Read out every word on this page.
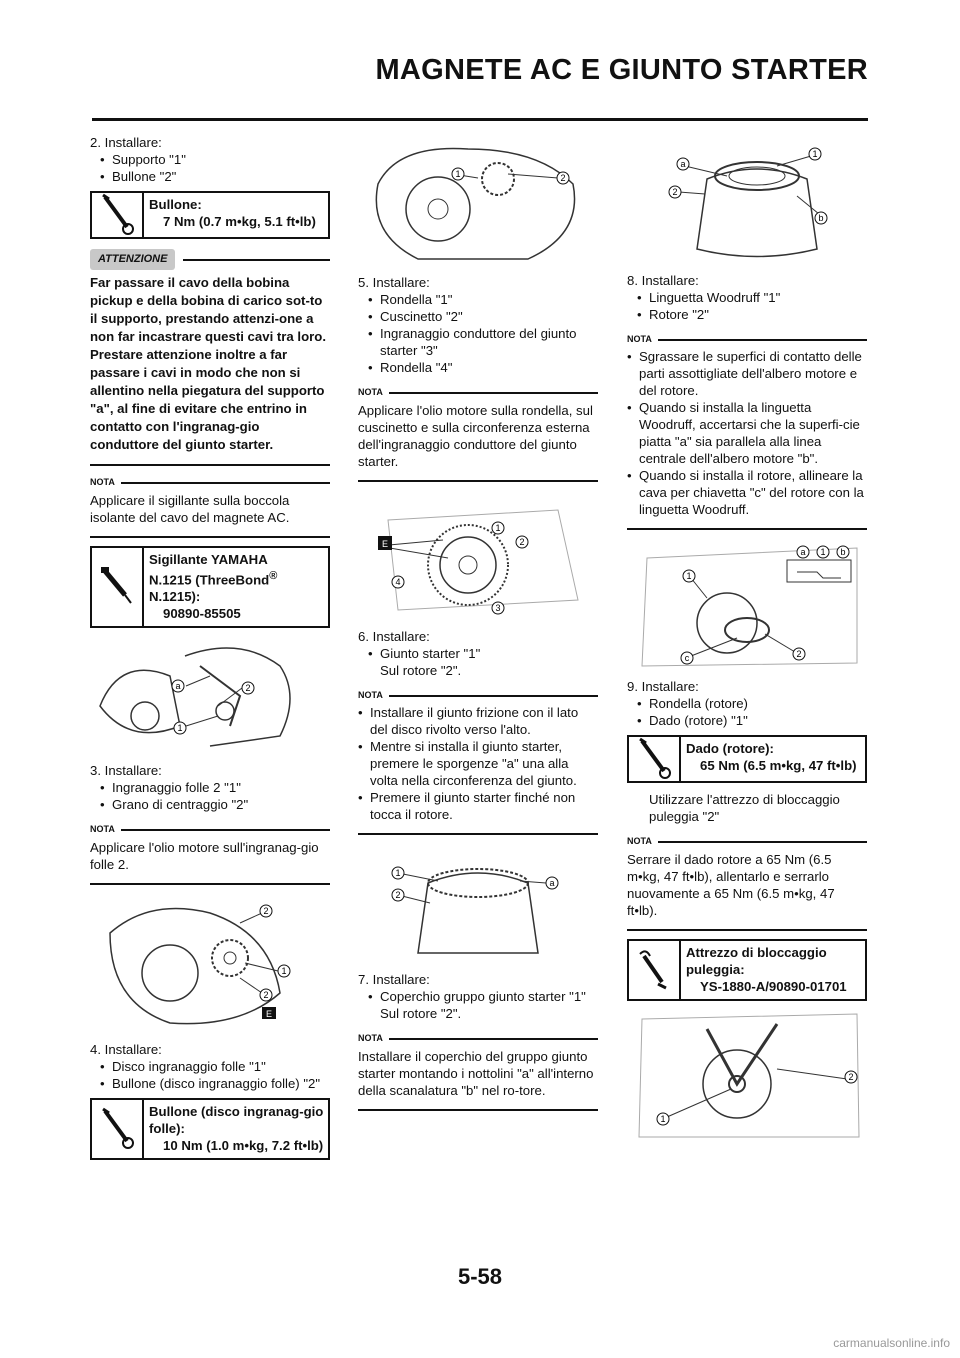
MAGNETE AC E GIUNTO STARTER
2. Installare:
• Supporto "1"
• Bullone "2"
Bullone:
7 Nm (0.7 m•kg, 5.1 ft•lb)
ATTENZIONE
Far passare il cavo della bobina pickup e della bobina di carico sot-to il supporto, prestando attenzi-one a non far incastrare questi cavi tra loro. Prestare attenzione inoltre a far passare i cavi in modo che non si allentino nella piegatura del supporto "a", al fine di evitare che entrino in contatto con l'ingranag-gio conduttore del giunto starter.
NOTA
Applicare il sigillante sulla boccola isolante del cavo del magnete AC.
Sigillante YAMAHA
N.1215 (ThreeBond®
N.1215):
90890-85505
a	2
1
3. Installare:
• Ingranaggio folle 2 "1"
• Grano di centraggio "2"
NOTA
Applicare l'olio motore sull'ingranag-gio folle 2.
2
1
2
E
4. Installare:
• Disco ingranaggio folle "1"
• Bullone (disco ingranaggio folle) "2"
Bullone (disco ingranag-gio folle):
10 Nm (1.0 m•kg, 7.2 ft•lb)
1	2
5. Installare:
• Rondella "1"
• Cuscinetto "2"
• Ingranaggio conduttore del giunto starter "3"
• Rondella "4"
NOTA
Applicare l'olio motore sulla rondella, sul cuscinetto e sulla circonferenza esterna dell'ingranaggio conduttore del giunto starter.
E
1
2
3
4
6. Installare:
• Giunto starter "1"
Sul rotore "2".
NOTA
• Installare il giunto frizione con il lato del disco rivolto verso l'alto.
• Mentre si installa il giunto starter, premere le sporgenze "a" una alla volta nella circonferenza del giunto.
• Premere il giunto starter finché non tocca il rotore.
1
2
a
7. Installare:
• Coperchio gruppo giunto starter "1"
Sul rotore "2".
NOTA
Installare il coperchio del gruppo giunto starter montando i nottolini "a" all'interno della scanalatura "b" nel ro-tore.
a
1
2
b
8. Installare:
• Linguetta Woodruff "1"
• Rotore "2"
NOTA
• Sgrassare le superfici di contatto delle parti assottigliate dell'albero motore e del rotore.
• Quando si installa la linguetta Woodruff, accertarsi che la superfi-cie piatta "a" sia parallela alla linea centrale dell'albero motore "b".
• Quando si installa il rotore, allineare la cava per chiavetta "c" del rotore con la linguetta Woodruff.
a 1 b
1
c	2
9. Installare:
• Rondella (rotore)
• Dado (rotore) "1"
Dado (rotore):
65 Nm (6.5 m•kg, 47 ft•lb)
Utilizzare l'attrezzo di bloccaggio puleggia "2"
NOTA
Serrare il dado rotore a 65 Nm (6.5 m•kg, 47 ft•lb), allentarlo e serrarlo nuovamente a 65 Nm (6.5 m•kg, 47 ft•lb).
Attrezzo di bloccaggio puleggia:
YS-1880-A/90890-01701
1
2
5-58
carmanualsonline.info
